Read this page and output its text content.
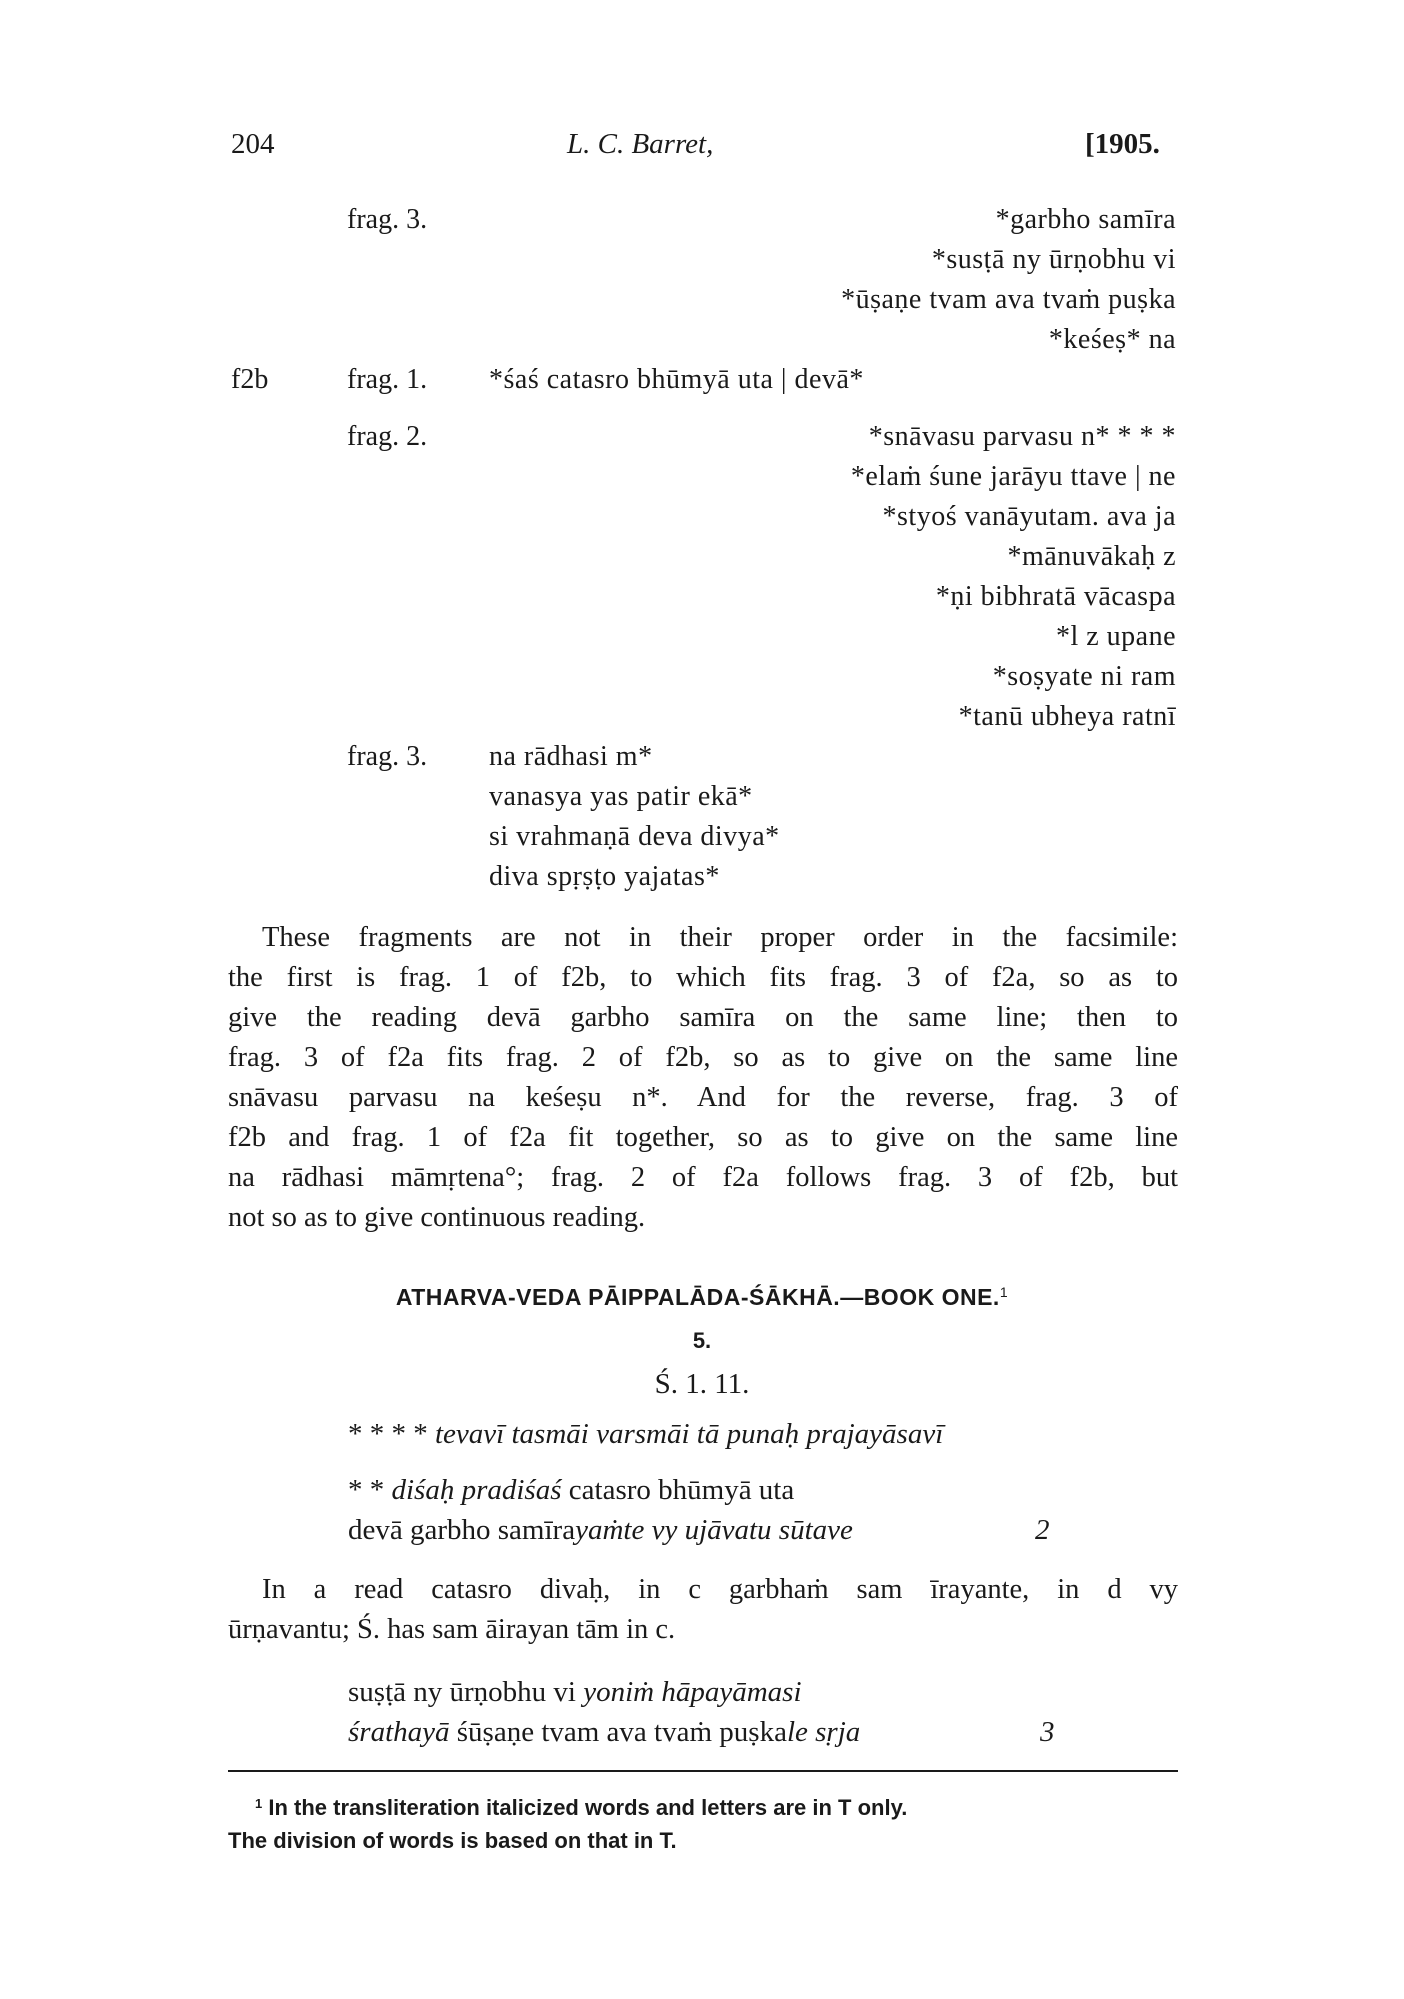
204	L. C. Barret,	[1905.
frag. 3.	*garbho samīra
*susṭā ny ūrṇobhu vi
*ūṣaṇe tvam ava tvaṁ puṣka
*keśeṣ* na
f2b	frag. 1. *śaś catasro bhūmyā uta | devā*
frag. 2.	*snāvasu parvasu n* * * *
*elaṁ śune jarāyu ttave | ne
*styoś vanāyutam. ava ja
*mānuvākaḥ z
*ṇi bibhratā vācaspa
*l z upane
*soṣyate ni ram
*tanū ubheya ratnī
frag. 3. na rādhasi m*
vanasya yas patir ekā*
si vrahmaṇā deva divya*
diva spṛṣṭo yajatas*
These fragments are not in their proper order in the facsimile:
the first is frag. 1 of f2b, to which fits frag. 3 of f2a, so as to
give the reading devā garbho samīra on the same line; then to
frag. 3 of f2a fits frag. 2 of f2b, so as to give on the same line
snāvasu parvasu na keśeṣu n*. And for the reverse, frag. 3 of
f2b and frag. 1 of f2a fit together, so as to give on the same line
na rādhasi māmṛtena°; frag. 2 of f2a follows frag. 3 of f2b, but
not so as to give continuous reading.
ATHARVA-VEDA PĀIPPALĀDA-ŚĀKHĀ.—BOOK ONE.$^1$
5.
Ś. 1. 11.
* * * * tevavī tasmāi varsmāi tā punaḥ prajayāsavī
* * diśaḥ pradiśaś catasro bhūmyā uta
devā garbho samīrayaṁte vy ujāvatu sūtave	2
In a read catasro divaḥ, in c garbhaṁ sam īrayante, in d vy
ūrṇavantu; Ś. has sam āirayan tām in c.
suṣṭā ny ūrṇobhu vi yoniṁ hāpayāmasi
śrathayā śūṣaṇe tvam ava tvaṁ puṣkale sṛja	3
$^1$ In the transliteration italicized words and letters are in T only.
The division of words is based on that in T.
